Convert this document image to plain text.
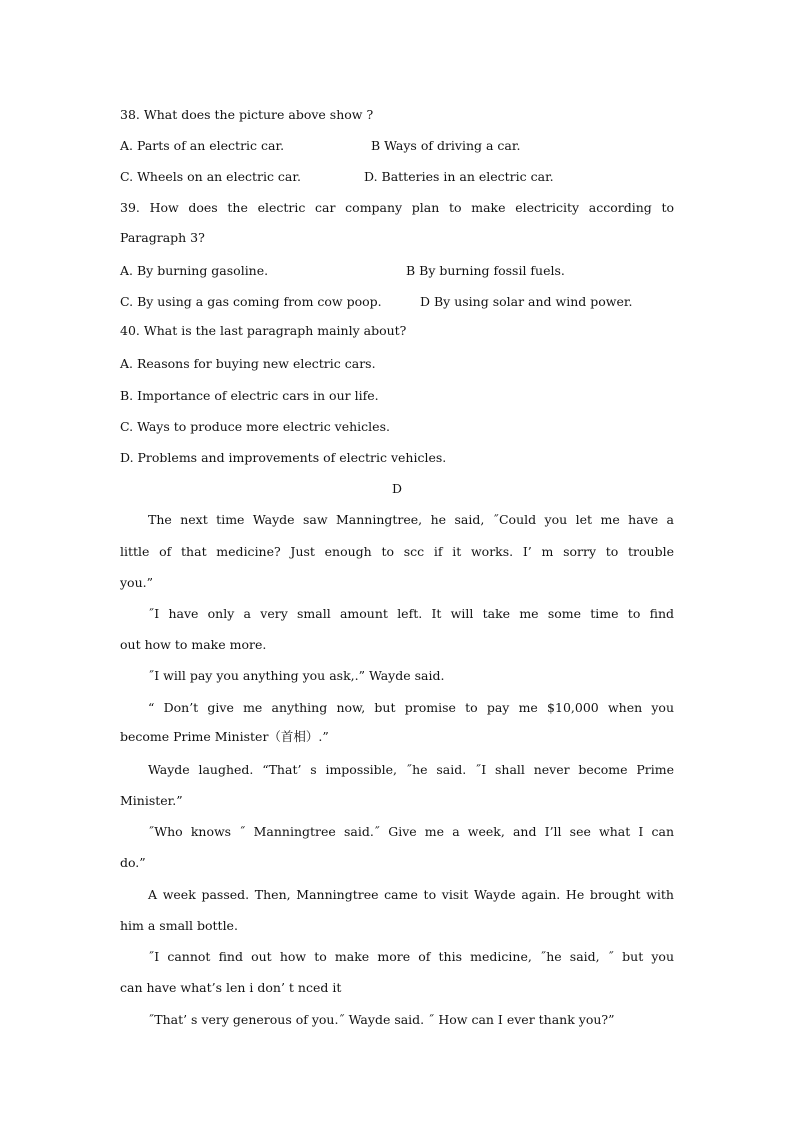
38. What does the picture above show ?

A. Parts of an electric car.	B Ways of driving a car.
C. Wheels on an electric car.	D. Batteries in an electric car.

39. How does the electric car company plan to make electricity according to

Paragraph 3?

A. By burning gasoline.	B By burning fossil fuels.
C. By using a gas coming from cow poop.	D By using solar and wind power.

40. What is the last paragraph mainly about?

A. Reasons for buying new electric cars.

B. Importance of electric cars in our life.

C. Ways to produce more electric vehicles.

D. Problems and improvements of electric vehicles.

D

The next time Wayde saw Manningtree, he said, ˝Could you let me have a

little of that medicine? Just enough to scc if it works. I’ m sorry to trouble

you.”

˝I have only a very small amount left. It will take me some time to find

out how to make more.

˝I will pay you anything you ask,.” Wayde said.

“ Don’t give me anything now, but promise to pay me $10,000 when you

become Prime Minister（首相）.”

Wayde laughed. “That’ s impossible, ˝he said. ˝I shall never become Prime

Minister.”

˝Who knows ˝ Manningtree said.˝ Give me a week, and I’ll see what I can

do.”

A week passed. Then, Manningtree came to visit Wayde again. He brought with

him a small bottle.

˝I cannot find out how to make more of this medicine, ˝he said, ˝ but you

can have what’s len i don’ t nced it

˝That’ s very generous of you.˝ Wayde said. ˝ How can I ever thank you?”
